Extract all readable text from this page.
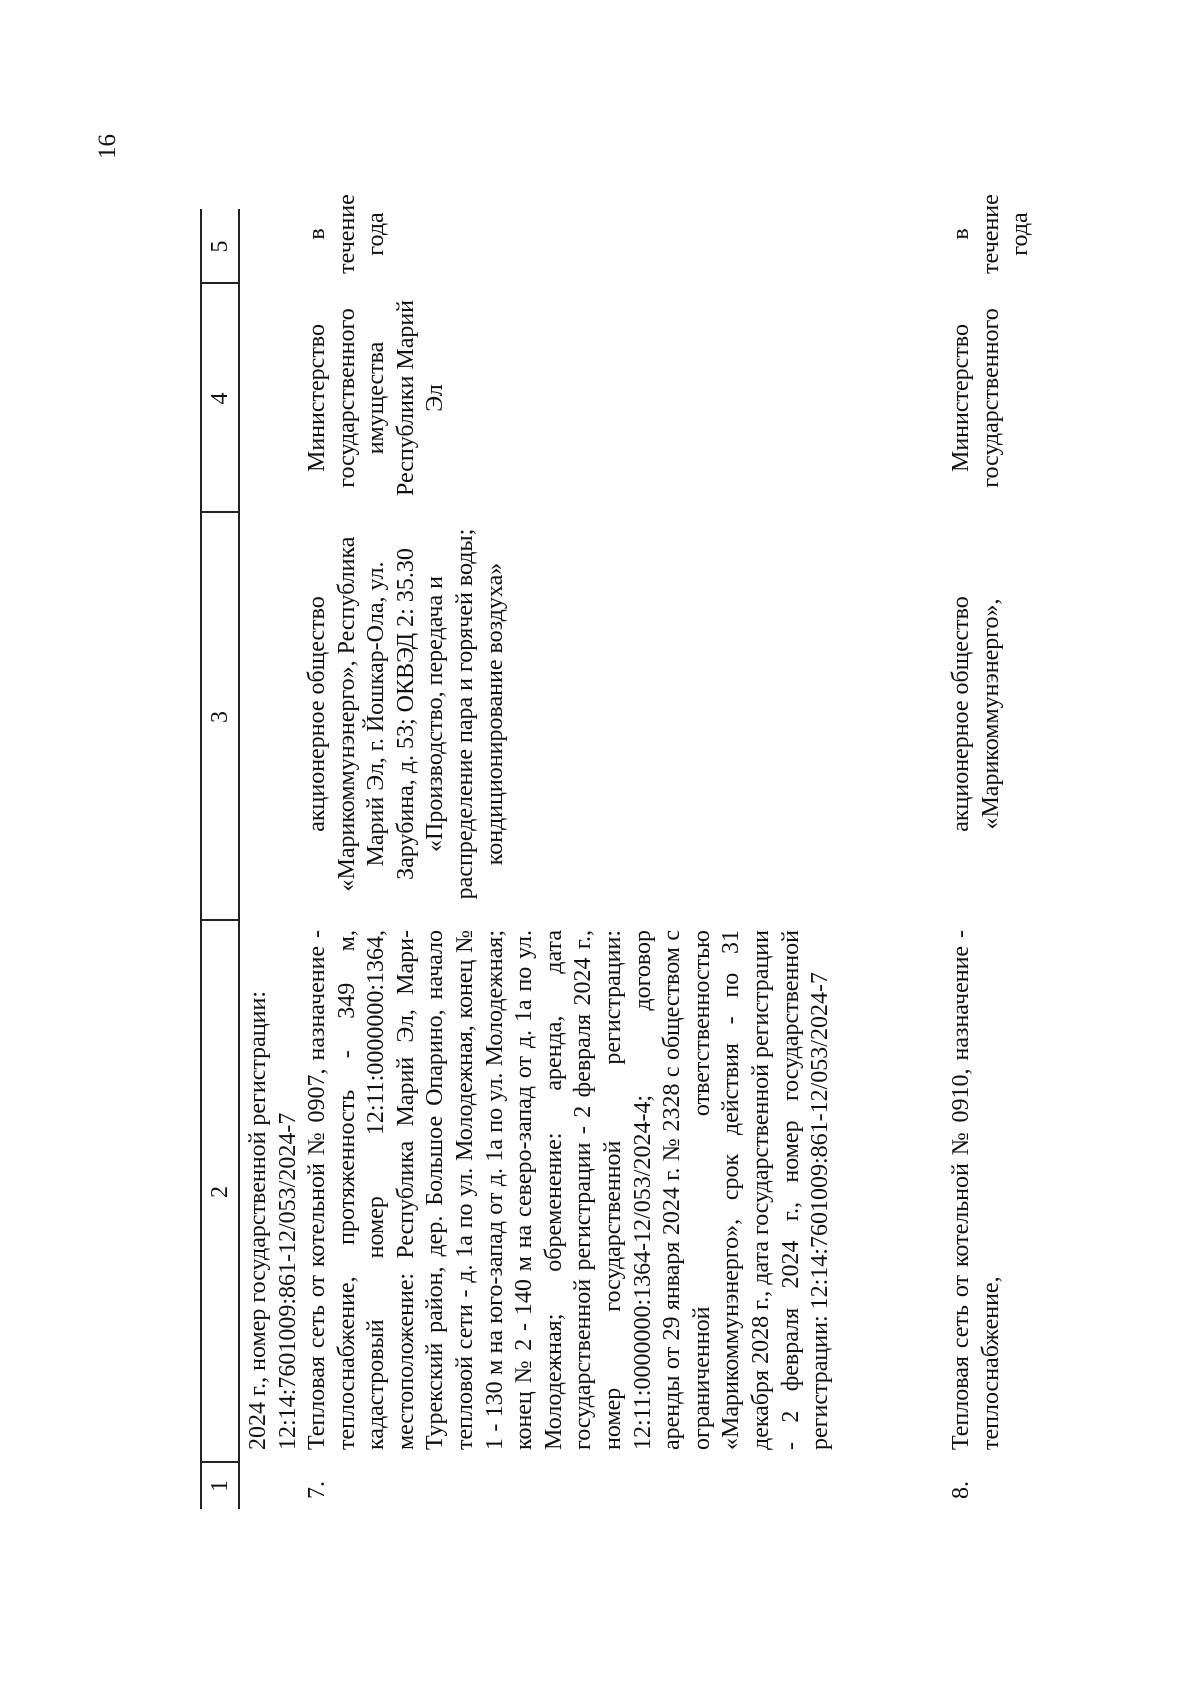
16
1
2
3
4
5
2024 г., номер государственной регистрации: 12:14:7601009:861-12/053/2024-7
7.
Тепловая сеть от котельной № 0907, назначение - теплоснабжение, протяженность - 349 м, кадастровый номер 12:11:0000000:1364, местоположение: Республика Марий Эл, Мари-Турекский район, дер. Большое Опарино, начало тепловой сети - д. 1а по ул. Молодежная, конец № 1 - 130 м на юго-запад от д. 1а по ул. Молодежная; конец № 2 - 140 м на северо-запад от д. 1а по ул. Молодежная; обременение: аренда, дата государственной регистрации - 2 февраля 2024 г., номер государственной регистрации: 12:11:0000000:1364-12/053/2024-4; договор аренды от 29 января 2024 г. № 2328 с обществом с ограниченной ответственностью «Марикоммунэнерго», срок действия - по 31 декабря 2028 г., дата государственной регистрации - 2 февраля 2024 г., номер государственной регистрации: 12:14:7601009:861-12/053/2024-7
акционерное общество «Марикоммунэнерго», Республика Марий Эл, г. Йошкар-Ола, ул. Зарубина, д. 53; ОКВЭД 2: 35.30 «Производство, передача и распределение пара и горячей воды; кондиционирование воздуха»
Министерство государственного имущества Республики Марий Эл
в течение года
8.
Тепловая сеть от котельной № 0910, назначение - теплоснабжение,
акционерное общество «Марикоммунэнерго»,
Министерство государственного
в течение года
